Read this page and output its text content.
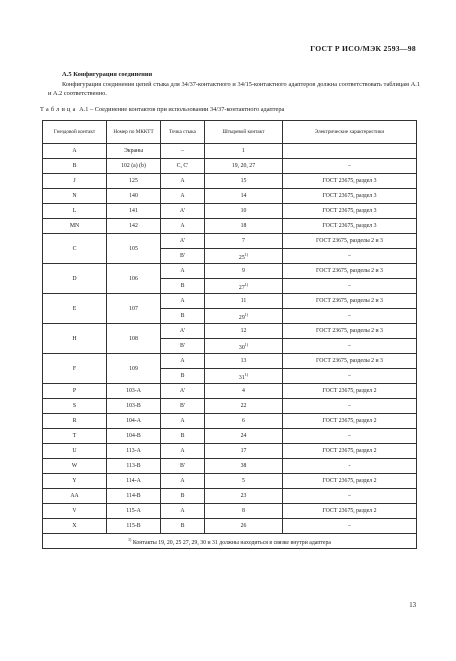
ГОСТ Р ИСО/МЭК 2593—98
А.5 Конфигурация соединения
Конфигурация соединения цепей стыка для 34/37-контактного и 34/15-контактного адаптеров должна соответствовать таблицам А.1 и А.2 соответственно.
Таблица А.1 – Соединение контактов при использовании 34/37-контактного адаптера
Гнездовой контакт	Номер по МККТТ	Точка стыка	Штыревой контакт	Электрические характеристики
A	Экраны	–	1	
B	102 (a) (b)	C, C'	19, 20, 27	–
J	125	A	15	ГОСТ 23675, раздел 3
N	140	A	14	ГОСТ 23675, раздел 3
L	141	A'	10	ГОСТ 23675, раздел 3
MN	142	A	18	ГОСТ 23675, раздел 3
C	105	A'	7	ГОСТ 23675, разделы 2 и 3
		B'	25$^{1)}$	–
D	106	A	9	ГОСТ 23675, разделы 2 и 3
		B	27$^{1)}$	–
E	107	A	11	ГОСТ 23675, разделы 2 и 3
		B	29$^{1)}$	–
H	108	A'	12	ГОСТ 23675, разделы 2 и 3
		B'	30$^{1)}$	–
F	109	A	13	ГОСТ 23675, разделы 2 и 3
		B	31$^{1)}$	–
P	103-A	A'	4	ГОСТ 23675, раздел 2
S	103-B	B'	22	–
R	104-A	A	6	ГОСТ 23675, раздел 2
T	104-B	B	24	–
U	113-A	A	17	ГОСТ 23675, раздел 2
W	113-B	B'	38	-
Y	114-A	A	5	ГОСТ 23675, раздел 2
AA	114-B	B	23	–
V	115-A	A	8	ГОСТ 23675, раздел 2
X	115-B	B	26	–
$^{1)}$ Контакты 19, 20, 25 27, 29, 30 и 31 должны находиться в связке внутри адаптера				
13
